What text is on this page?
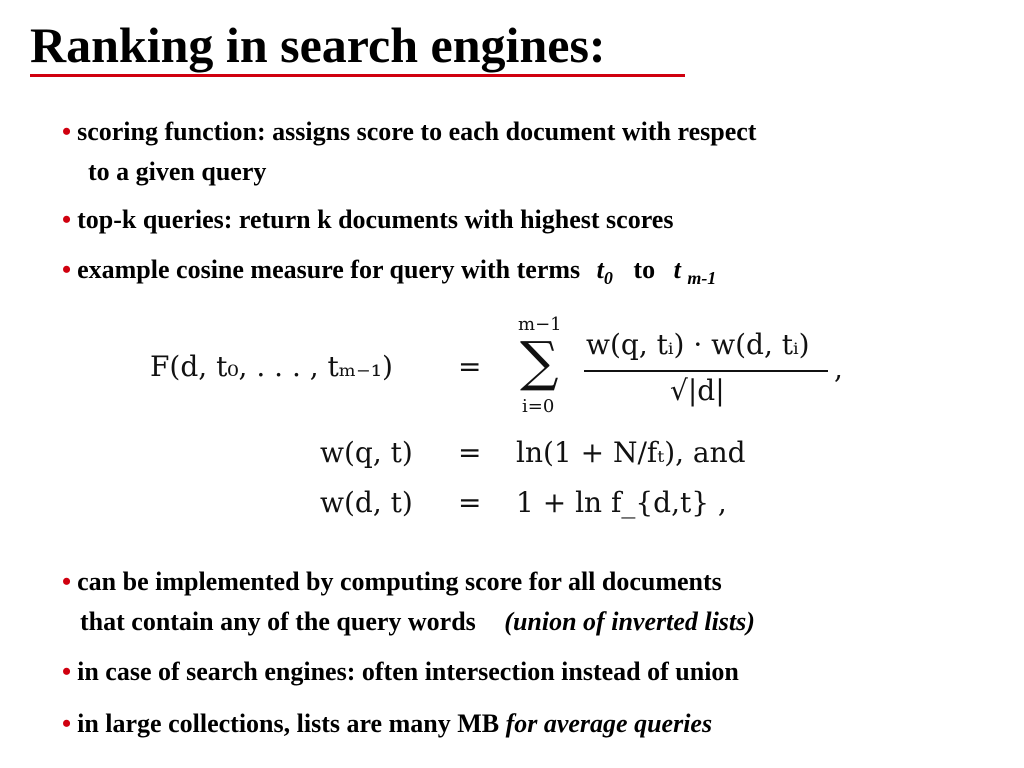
Ranking in search engines:
• scoring function: assigns score to each document with respect
to a given query
• top-k queries: return k documents with highest scores
• example cosine measure for query with terms $t_0$ to t $_{m-1}$
F(d, t₀, . . . , tₘ₋₁) =
m−1
∑
i=0
w(q, tᵢ) · w(d, tᵢ)
√|d|
,
w(q, t) = ln(1 + N/fₜ), and
w(d, t) = 1 + ln f_{d,t} ,
• can be implemented by computing score for all documents
that contain any of the query words (union of inverted lists)
• in case of search engines: often intersection instead of union
• in large collections, lists are many MB for average queries
